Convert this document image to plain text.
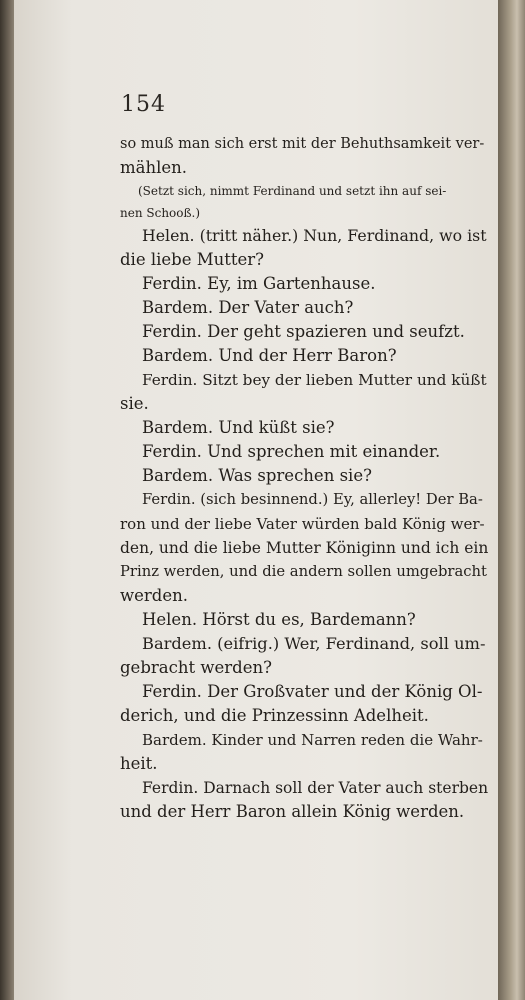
154
so muß man sich erst mit der Behuthsamkeit ver-
mählen.
(Setzt sich, nimmt Ferdinand und setzt ihn auf sei-
nen Schooß.)
Helen. (tritt näher.) Nun, Ferdinand, wo ist
die liebe Mutter?
Ferdin. Ey, im Gartenhause.
Bardem. Der Vater auch?
Ferdin. Der geht spazieren und seufzt.
Bardem. Und der Herr Baron?
Ferdin. Sitzt bey der lieben Mutter und küßt
sie.
Bardem. Und küßt sie?
Ferdin. Und sprechen mit einander.
Bardem. Was sprechen sie?
Ferdin. (sich besinnend.) Ey, allerley! Der Ba-
ron und der liebe Vater würden bald König wer-
den, und die liebe Mutter Königinn und ich ein
Prinz werden, und die andern sollen umgebracht
werden.
Helen. Hörst du es, Bardemann?
Bardem. (eifrig.) Wer, Ferdinand, soll um-
gebracht werden?
Ferdin. Der Großvater und der König Ol-
derich, und die Prinzessinn Adelheit.
Bardem. Kinder und Narren reden die Wahr-
heit.
Ferdin. Darnach soll der Vater auch sterben
und der Herr Baron allein König werden.
